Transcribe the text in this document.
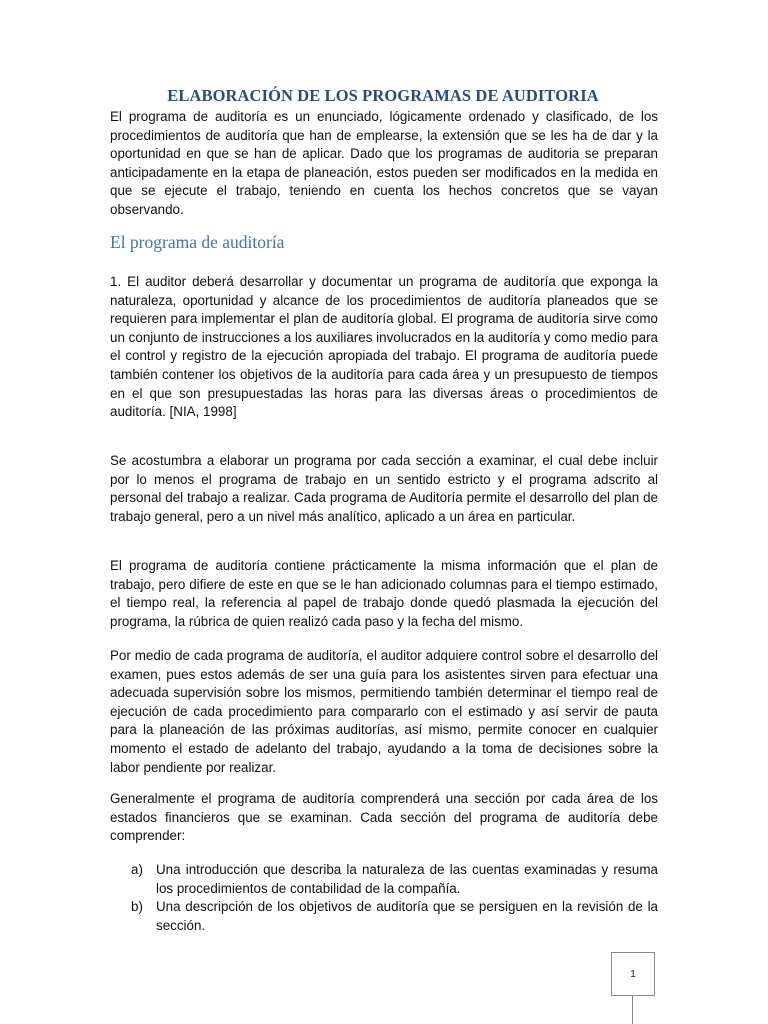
ELABORACIÓN DE LOS PROGRAMAS DE AUDITORIA

El programa de auditoría es un enunciado, lógicamente ordenado y clasificado, de los procedimientos de auditoría que han de emplearse, la extensión que se les ha de dar y la oportunidad en que se han de aplicar. Dado que los programas de auditoria se preparan anticipadamente en la etapa de planeación, estos pueden ser modificados en la medida en que se ejecute el trabajo, teniendo en cuenta los hechos concretos que se vayan observando.

El programa de auditoría

1. El auditor deberá desarrollar y documentar un programa de auditoría que exponga la naturaleza, oportunidad y alcance de los procedimientos de auditoría planeados que se requieren para implementar el plan de auditoría global. El programa de auditoría sirve como un conjunto de instrucciones a los auxiliares involucrados en la auditoría y como medio para el control y registro de la ejecución apropiada del trabajo. El programa de auditoría puede también contener los objetivos de la auditoría para cada área y un presupuesto de tiempos en el que son presupuestadas las horas para las diversas áreas o procedimientos de auditoría. [NIA, 1998]

Se acostumbra a elaborar un programa por cada sección a examinar, el cual debe incluir por lo menos el programa de trabajo en un sentido estricto y el programa adscrito al personal del trabajo a realizar. Cada programa de Auditoría permite el desarrollo del plan de trabajo general, pero a un nivel más analítico, aplicado a un área en particular.

El programa de auditoría contiene prácticamente la misma información que el plan de trabajo, pero difiere de este en que se le han adicionado columnas para el tiempo estimado, el tiempo real, la referencia al papel de trabajo donde quedó plasmada la ejecución del programa, la rúbrica de quien realizó cada paso y la fecha del mismo.

Por medio de cada programa de auditoría, el auditor adquiere control sobre el desarrollo del examen, pues estos además de ser una guía para los asistentes sirven para efectuar una adecuada supervisión sobre los mismos, permitiendo también determinar el tiempo real de ejecución de cada procedimiento para compararlo con el estimado y así servir de pauta para la planeación de las próximas auditorías, así mismo, permite conocer en cualquier momento el estado de adelanto del trabajo, ayudando a la toma de decisiones sobre la labor pendiente por realizar.

Generalmente el programa de auditoría comprenderá una sección por cada área de los estados financieros que se examinan. Cada sección del programa de auditoría debe comprender:

a) Una introducción que describa la naturaleza de las cuentas examinadas y resuma los procedimientos de contabilidad de la compañía.
b) Una descripción de los objetivos de auditoría que se persiguen en la revisión de la sección.
1
